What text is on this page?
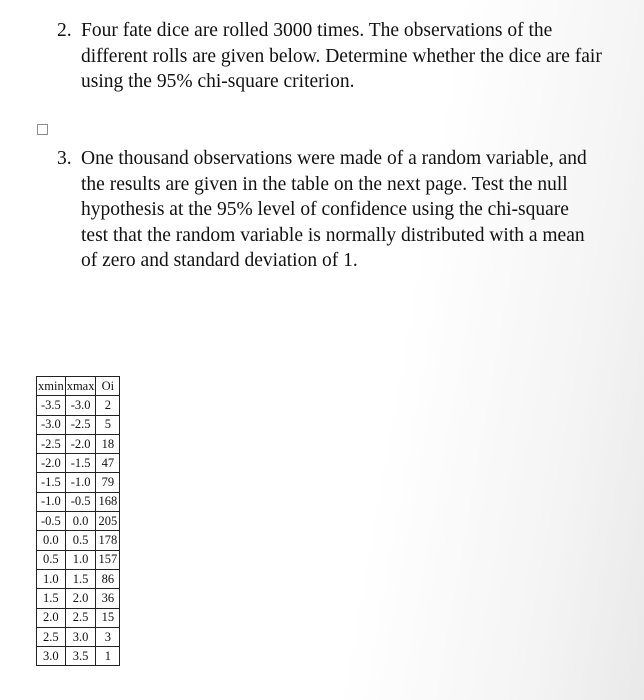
2. Four fate dice are rolled 3000 times. The observations of the different rolls are given below. Determine whether the dice are fair using the 95% chi-square criterion.
3. One thousand observations were made of a random variable, and the results are given in the table on the next page. Test the null hypothesis at the 95% level of confidence using the chi-square test that the random variable is normally distributed with a mean of zero and standard deviation of 1.
xmin	xmax	Oi
-3.5	-3.0	2
-3.0	-2.5	5
-2.5	-2.0	18
-2.0	-1.5	47
-1.5	-1.0	79
-1.0	-0.5	168
-0.5	0.0	205
0.0	0.5	178
0.5	1.0	157
1.0	1.5	86
1.5	2.0	36
2.0	2.5	15
2.5	3.0	3
3.0	3.5	1
